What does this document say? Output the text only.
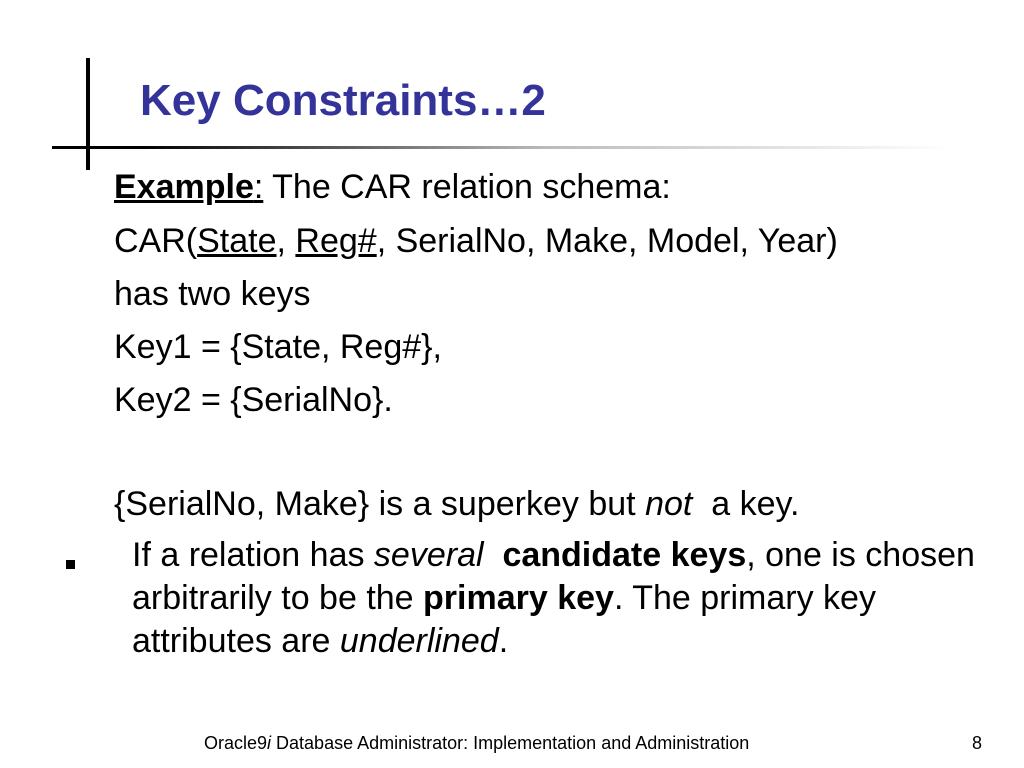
Key Constraints…2
Example: The CAR relation schema:
CAR(State, Reg#, SerialNo, Make, Model, Year)
has two keys
Key1 = {State, Reg#},
Key2 = {SerialNo}.
{SerialNo, Make} is a superkey but not  a key.
If a relation has several candidate keys, one is chosen arbitrarily to be the primary key. The primary key attributes are underlined.
Oracle9i Database Administrator: Implementation and Administration	8
